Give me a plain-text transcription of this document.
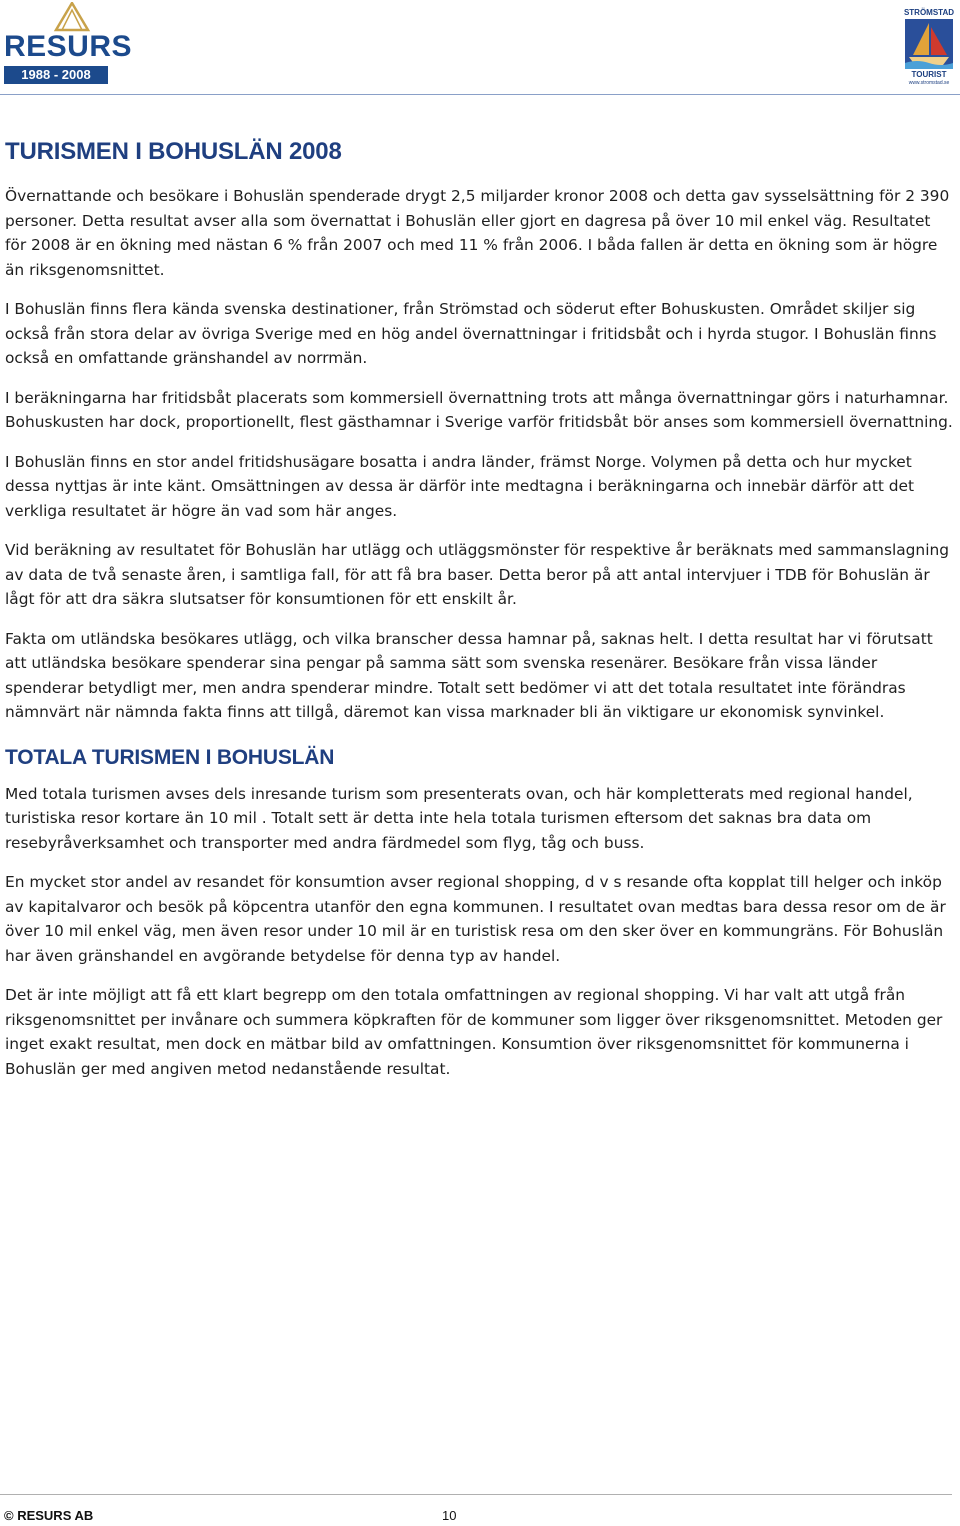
RESURS
1988 - 2008
STRÖMSTAD
TOURIST
www.stromstad.se
TURISMEN I BOHUSLÄN 2008

Övernattande och besökare i Bohuslän spenderade drygt 2,5 miljarder kronor 2008 och detta gav sysselsättning för 2 390 personer. Detta resultat avser alla som övernattat i Bohuslän eller gjort en dagresa på över 10 mil enkel väg. Resultatet för 2008 är en ökning med nästan 6 % från 2007 och med 11 % från 2006. I båda fallen är detta en ökning som är högre än riksgenomsnittet.

I Bohuslän finns flera kända svenska destinationer, från Strömstad och söderut efter Bohuskusten. Området skiljer sig också från stora delar av övriga Sverige med en hög andel övernattningar i fritidsbåt och i hyrda stugor. I Bohuslän finns också en omfattande gränshandel av norrmän.

I beräkningarna har fritidsbåt placerats som kommersiell övernattning trots att många övernattningar görs i naturhamnar. Bohuskusten har dock, proportionellt, flest gästhamnar i Sverige varför fritidsbåt bör anses som kommersiell övernattning.

I Bohuslän finns en stor andel fritidshusägare bosatta i andra länder, främst Norge. Volymen på detta och hur mycket dessa nyttjas är inte känt. Omsättningen av dessa är därför inte medtagna i beräkningarna och innebär därför att det verkliga resultatet är högre än vad som här anges.

Vid beräkning av resultatet för Bohuslän har utlägg och utläggsmönster för respektive år beräknats med sammanslagning av data de två senaste åren, i samtliga fall, för att få bra baser. Detta beror på att antal intervjuer i TDB för Bohuslän är lågt för att dra säkra slutsatser för konsumtionen för ett enskilt år.

Fakta om utländska besökares utlägg, och vilka branscher dessa hamnar på, saknas helt. I detta resultat har vi förutsatt att utländska besökare spenderar sina pengar på samma sätt som svenska resenärer. Besökare från vissa länder spenderar betydligt mer, men andra spenderar mindre. Totalt sett bedömer vi att det totala resultatet inte förändras nämnvärt när nämnda fakta finns att tillgå, däremot kan vissa marknader bli än viktigare ur ekonomisk synvinkel.

TOTALA TURISMEN I BOHUSLÄN

Med totala turismen avses dels inresande turism som presenterats ovan, och här kompletterats med regional handel, turistiska resor kortare än 10 mil . Totalt sett är detta inte hela totala turismen eftersom det saknas bra data om resebyråverksamhet och transporter med andra färdmedel som flyg, tåg och buss.

En mycket stor andel av resandet för konsumtion avser regional shopping, d v s resande ofta kopplat till helger och inköp av kapitalvaror och besök på köpcentra utanför den egna kommunen. I resultatet ovan medtas bara dessa resor om de är över 10 mil enkel väg, men även resor under 10 mil är en turistisk resa om den sker över en kommungräns. För Bohuslän har även gränshandel en avgörande betydelse för denna typ av handel.

Det är inte möjligt att få ett klart begrepp om den totala omfattningen av regional shopping. Vi har valt att utgå från riksgenomsnittet per invånare och summera köpkraften för de kommuner som ligger över riksgenomsnittet. Metoden ger inget exakt resultat, men dock en mätbar bild av omfattningen. Konsumtion över riksgenomsnittet för kommunerna i Bohuslän ger med angiven metod nedanstående resultat.

© RESURS AB	10
